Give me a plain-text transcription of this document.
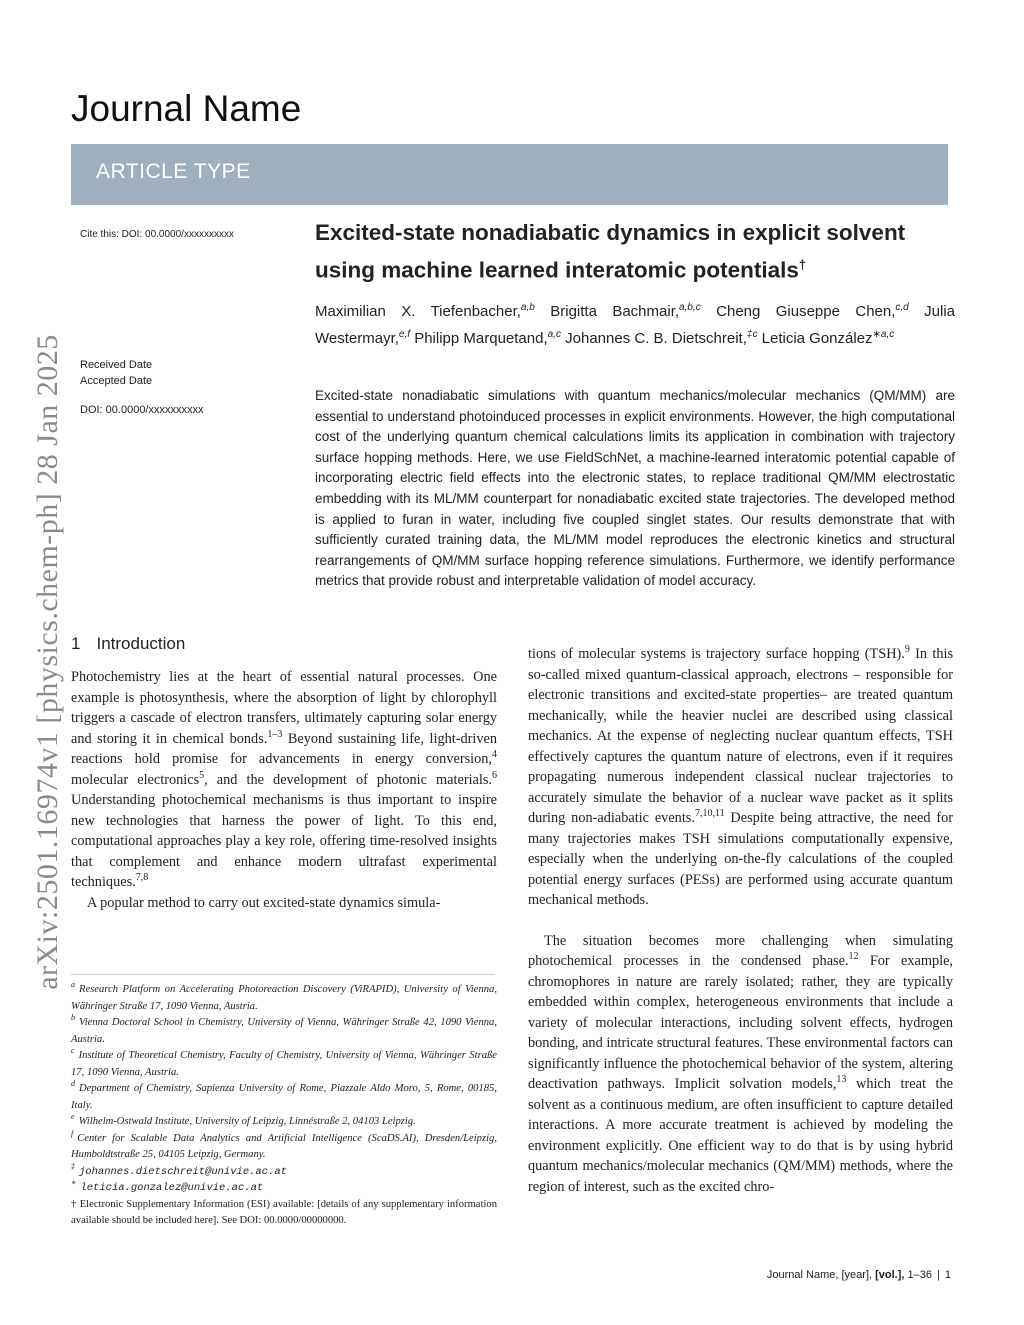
arXiv:2501.16974v1 [physics.chem-ph] 28 Jan 2025
Journal Name
ARTICLE TYPE
Cite this: DOI: 00.0000/xxxxxxxxxx
Received Date
Accepted Date
DOI: 00.0000/xxxxxxxxxx
Excited-state nonadiabatic dynamics in explicit solvent
using machine learned interatomic potentials†
Maximilian X. Tiefenbacher,$^{a,b}$ Brigitta Bachmair,$^{a,b,c}$ Cheng Giuseppe Chen,$^{c,d}$ Julia Westermayr,$^{e,f}$ Philipp Marquetand,$^{a,c}$ Johannes C. B. Dietschreit,$^{\ddagger c}$ Leticia González$^{∗a,c}$
Excited-state nonadiabatic simulations with quantum mechanics/molecular mechanics (QM/MM) are essential to understand photoinduced processes in explicit environments. However, the high computational cost of the underlying quantum chemical calculations limits its application in combination with trajectory surface hopping methods. Here, we use FieldSchNet, a machine-learned interatomic potential capable of incorporating electric field effects into the electronic states, to replace traditional QM/MM electrostatic embedding with its ML/MM counterpart for nonadiabatic excited state trajectories. The developed method is applied to furan in water, including five coupled singlet states. Our results demonstrate that with sufficiently curated training data, the ML/MM model reproduces the electronic kinetics and structural rearrangements of QM/MM surface hopping reference simulations. Furthermore, we identify performance metrics that provide robust and interpretable validation of model accuracy.
1 Introduction

Photochemistry lies at the heart of essential natural processes. One example is photosynthesis, where the absorption of light by chlorophyll triggers a cascade of electron transfers, ultimately capturing solar energy and storing it in chemical bonds.$^{1-3}$ Beyond sustaining life, light-driven reactions hold promise for advancements in energy conversion,$^4$ molecular electronics$^5$, and the development of photonic materials.$^6$ Understanding photochemical mechanisms is thus important to inspire new technologies that harness the power of light. To this end, computational approaches play a key role, offering time-resolved insights that complement and enhance modern ultrafast experimental techniques.$^{7,8}$

A popular method to carry out excited-state dynamics simula-

$^a$ Research Platform on Accelerating Photoreaction Discovery (ViRAPID), University of Vienna, Währinger Straße 17, 1090 Vienna, Austria.

$^b$ Vienna Doctoral School in Chemistry, University of Vienna, Währinger Straße 42, 1090 Vienna, Austria.

$^c$ Institute of Theoretical Chemistry, Faculty of Chemistry, University of Vienna, Währinger Straße 17, 1090 Vienna, Austria.

$^d$ Department of Chemistry, Sapienza University of Rome, Piazzale Aldo Moro, 5, Rome, 00185, Italy.

$^e$ Wilhelm-Ostwald Institute, University of Leipzig, Linnéstraße 2, 04103 Leipzig.

$^f$ Center for Scalable Data Analytics and Artificial Intelligence (ScaDS.AI), Dresden/Leipzig, Humboldtstraße 25, 04105 Leipzig, Germany.

‡ johannes.dietschreit@univie.ac.at

∗ leticia.gonzalez@univie.ac.at

† Electronic Supplementary Information (ESI) available: [details of any supplementary information available should be included here]. See DOI: 00.0000/00000000.

tions of molecular systems is trajectory surface hopping (TSH).$^9$ In this so-called mixed quantum-classical approach, electrons – responsible for electronic transitions and excited-state properties– are treated quantum mechanically, while the heavier nuclei are described using classical mechanics. At the expense of neglecting nuclear quantum effects, TSH effectively captures the quantum nature of electrons, even if it requires propagating numerous independent classical nuclear trajectories to accurately simulate the behavior of a nuclear wave packet as it splits during non-adiabatic events.$^{7,10,11}$ Despite being attractive, the need for many trajectories makes TSH simulations computationally expensive, especially when the underlying on-the-fly calculations of the coupled potential energy surfaces (PESs) are performed using accurate quantum mechanical methods.

The situation becomes more challenging when simulating photochemical processes in the condensed phase.$^{12}$ For example, chromophores in nature are rarely isolated; rather, they are typically embedded within complex, heterogeneous environments that include a variety of molecular interactions, including solvent effects, hydrogen bonding, and intricate structural features. These environmental factors can significantly influence the photochemical behavior of the system, altering deactivation pathways. Implicit solvation models,$^{13}$ which treat the solvent as a continuous medium, are often insufficient to capture detailed interactions. A more accurate treatment is achieved by modeling the environment explicitly. One efficient way to do that is by using hybrid quantum mechanics/molecular mechanics (QM/MM) methods, where the region of interest, such as the excited chro-

Journal Name, [year], [vol.], 1–36 | 1
